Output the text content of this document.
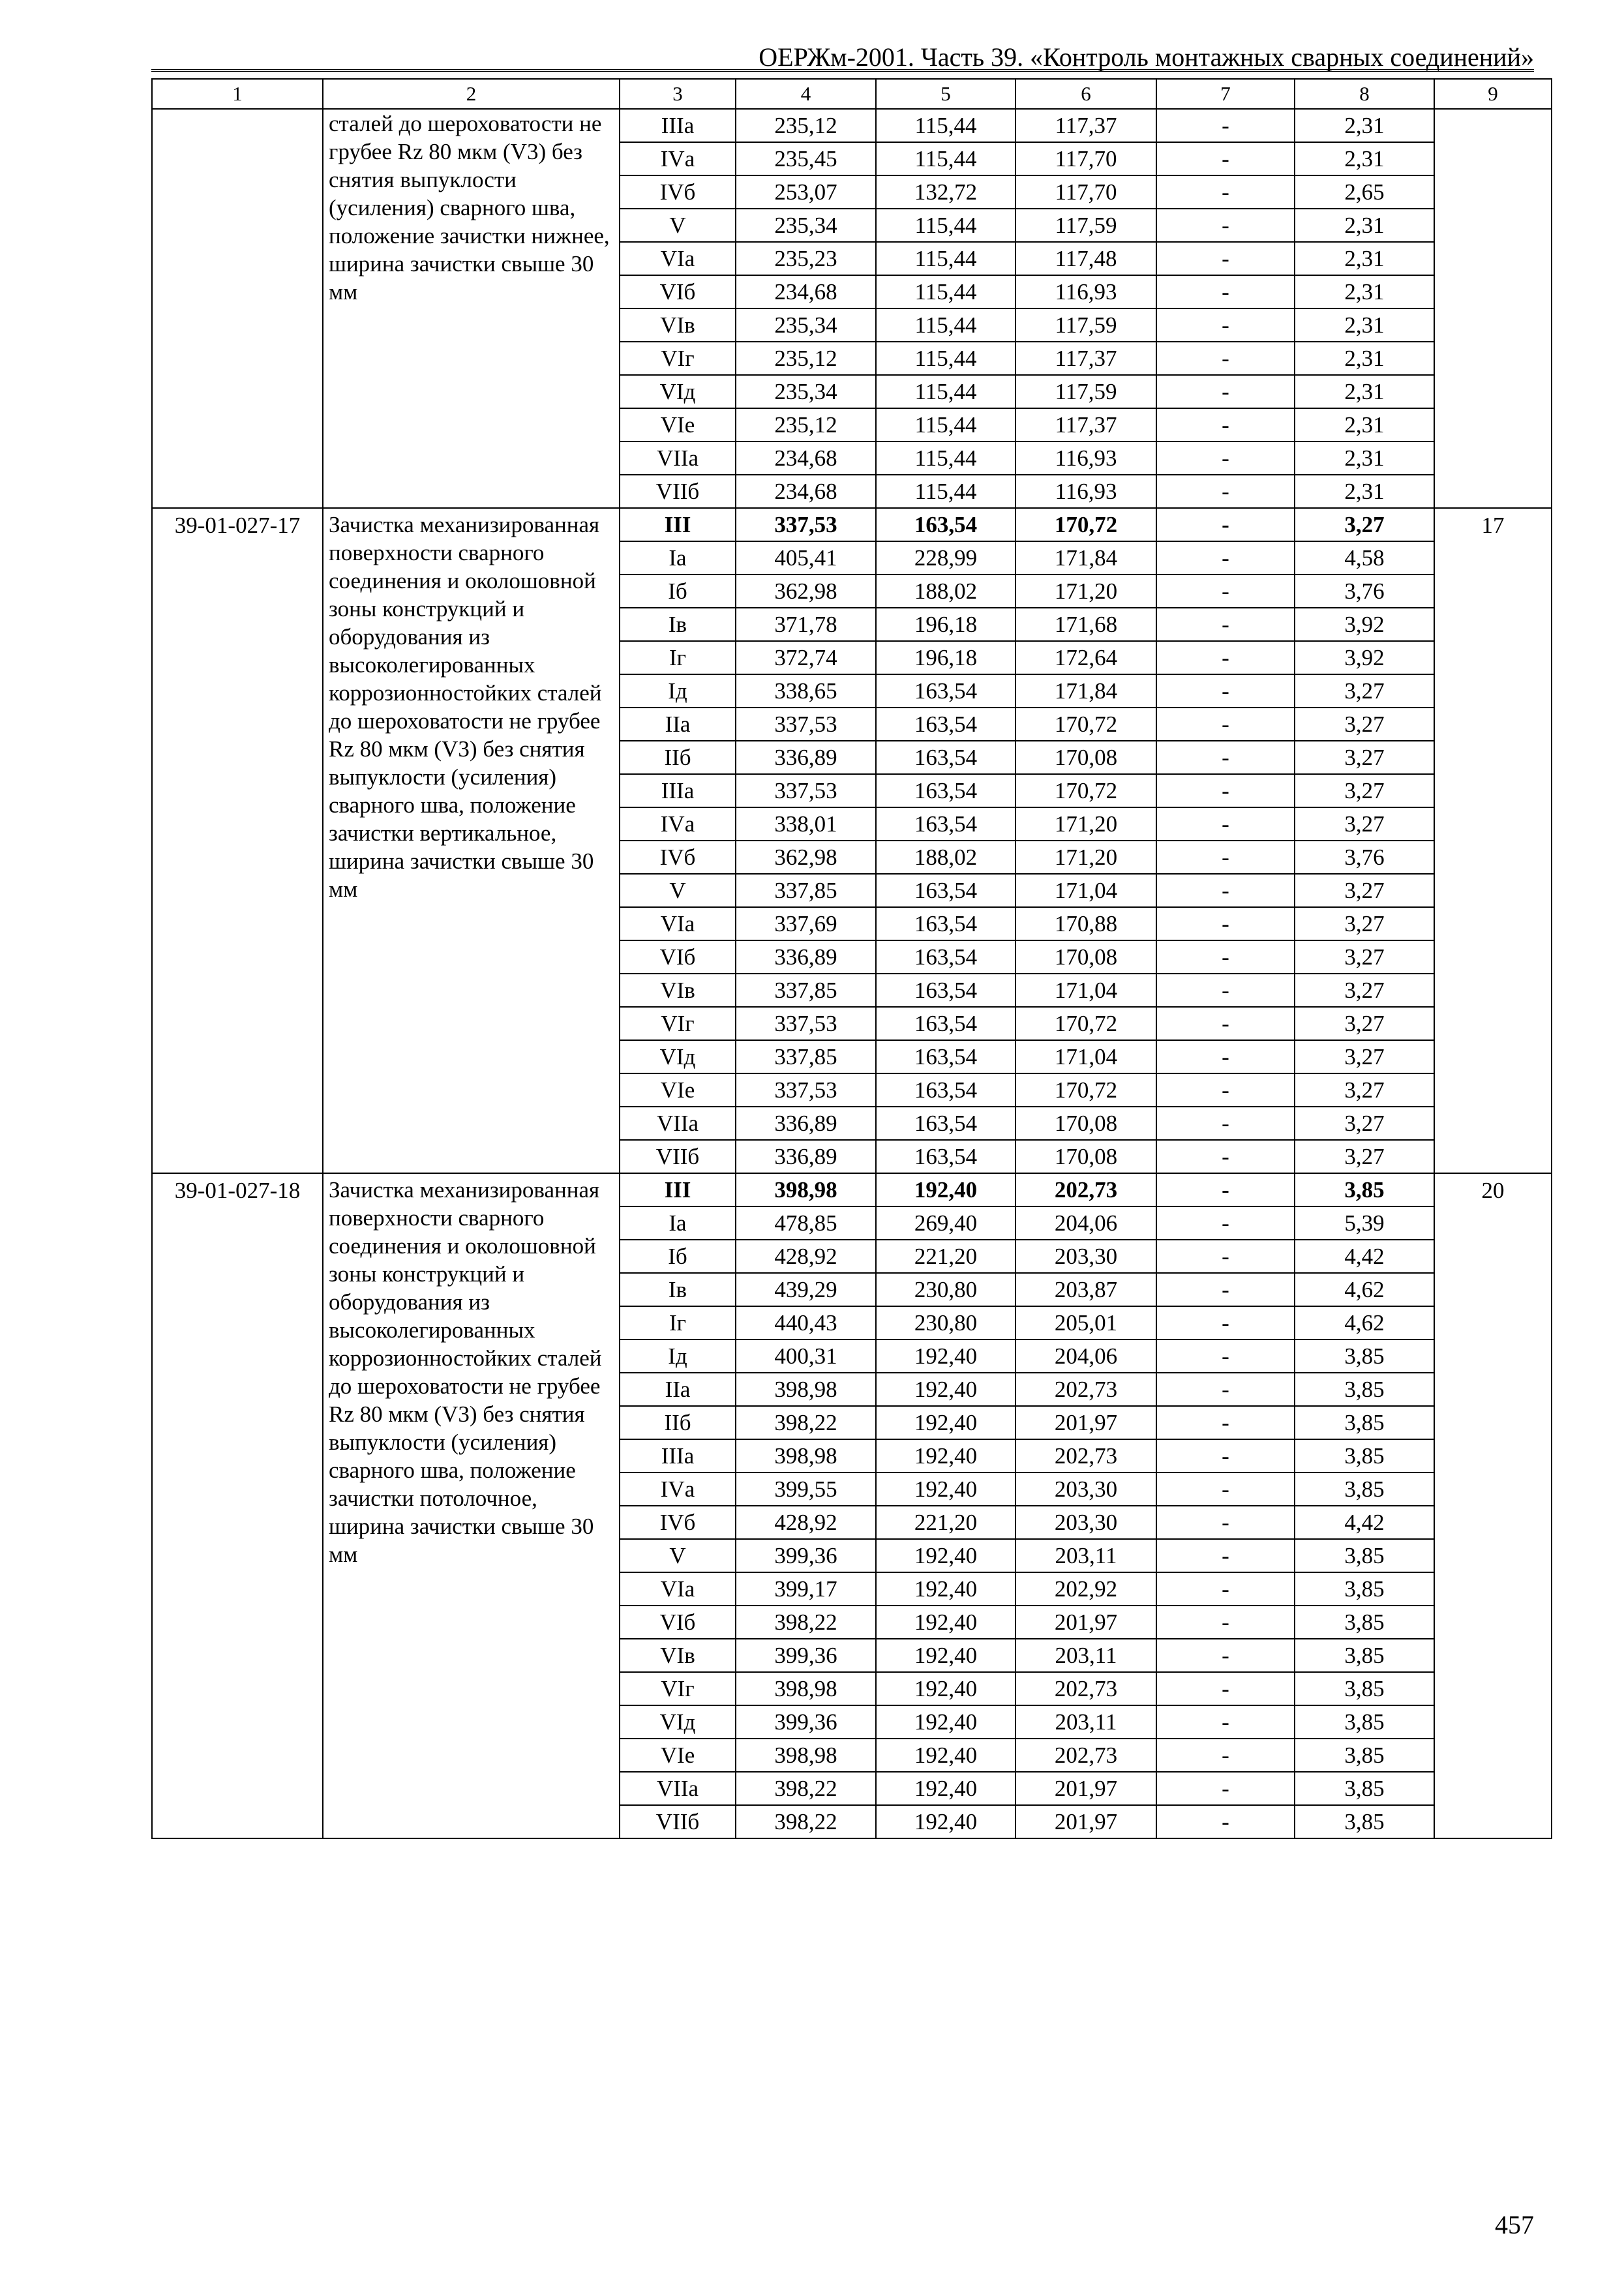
ОЕРЖм-2001. Часть 39. «Контроль монтажных сварных соединений»
1	2	3	4	5	6	7	8	9

	сталей до шероховатости не грубее Rz 80 мкм (V3) без снятия выпуклости (усиления) сварного шва, положение зачистки нижнее, ширина зачистки свыше 30 мм	IIIа	235,12	115,44	117,37	-	2,31	

		IVа	235,45	115,44	117,70	-	2,31	
		IVб	253,07	132,72	117,70	-	2,65	
		V	235,34	115,44	117,59	-	2,31	
		VIа	235,23	115,44	117,48	-	2,31	
		VIб	234,68	115,44	116,93	-	2,31	
		VIв	235,34	115,44	117,59	-	2,31	
		VIг	235,12	115,44	117,37	-	2,31	
		VIд	235,34	115,44	117,59	-	2,31	
		VIе	235,12	115,44	117,37	-	2,31	
		VIIа	234,68	115,44	116,93	-	2,31	
		VIIб	234,68	115,44	116,93	-	2,31	

39-01-027-17	Зачистка механизированная поверхности сварного соединения и околошовной зоны конструкций и оборудования из высоколегированных коррозионностойких сталей до шероховатости не грубее Rz 80 мкм (V3) без снятия выпуклости (усиления) сварного шва, положение зачистки вертикальное, ширина зачистки свыше 30 мм	III	337,53	163,54	170,72	-	3,27	17

		Iа	405,41	228,99	171,84	-	4,58	
		Iб	362,98	188,02	171,20	-	3,76	
		Iв	371,78	196,18	171,68	-	3,92	
		Iг	372,74	196,18	172,64	-	3,92	
		Iд	338,65	163,54	171,84	-	3,27	
		IIа	337,53	163,54	170,72	-	3,27	
		IIб	336,89	163,54	170,08	-	3,27	
		IIIа	337,53	163,54	170,72	-	3,27	
		IVа	338,01	163,54	171,20	-	3,27	
		IVб	362,98	188,02	171,20	-	3,76	
		V	337,85	163,54	171,04	-	3,27	
		VIа	337,69	163,54	170,88	-	3,27	
		VIб	336,89	163,54	170,08	-	3,27	
		VIв	337,85	163,54	171,04	-	3,27	
		VIг	337,53	163,54	170,72	-	3,27	
		VIд	337,85	163,54	171,04	-	3,27	
		VIе	337,53	163,54	170,72	-	3,27	
		VIIа	336,89	163,54	170,08	-	3,27	
		VIIб	336,89	163,54	170,08	-	3,27	

39-01-027-18	Зачистка механизированная поверхности сварного соединения и околошовной зоны конструкций и оборудования из высоколегированных коррозионностойких сталей до шероховатости не грубее Rz 80 мкм (V3) без снятия выпуклости (усиления) сварного шва, положение зачистки потолочное, ширина зачистки свыше 30 мм	III	398,98	192,40	202,73	-	3,85	20

		Iа	478,85	269,40	204,06	-	5,39	
		Iб	428,92	221,20	203,30	-	4,42	
		Iв	439,29	230,80	203,87	-	4,62	
		Iг	440,43	230,80	205,01	-	4,62	
		Iд	400,31	192,40	204,06	-	3,85	
		IIа	398,98	192,40	202,73	-	3,85	
		IIб	398,22	192,40	201,97	-	3,85	
		IIIа	398,98	192,40	202,73	-	3,85	
		IVа	399,55	192,40	203,30	-	3,85	
		IVб	428,92	221,20	203,30	-	4,42	
		V	399,36	192,40	203,11	-	3,85	
		VIа	399,17	192,40	202,92	-	3,85	
		VIб	398,22	192,40	201,97	-	3,85	
		VIв	399,36	192,40	203,11	-	3,85	
		VIг	398,98	192,40	202,73	-	3,85	
		VIд	399,36	192,40	203,11	-	3,85	
		VIе	398,98	192,40	202,73	-	3,85	
		VIIа	398,22	192,40	201,97	-	3,85	
		VIIб	398,22	192,40	201,97	-	3,85	
457
